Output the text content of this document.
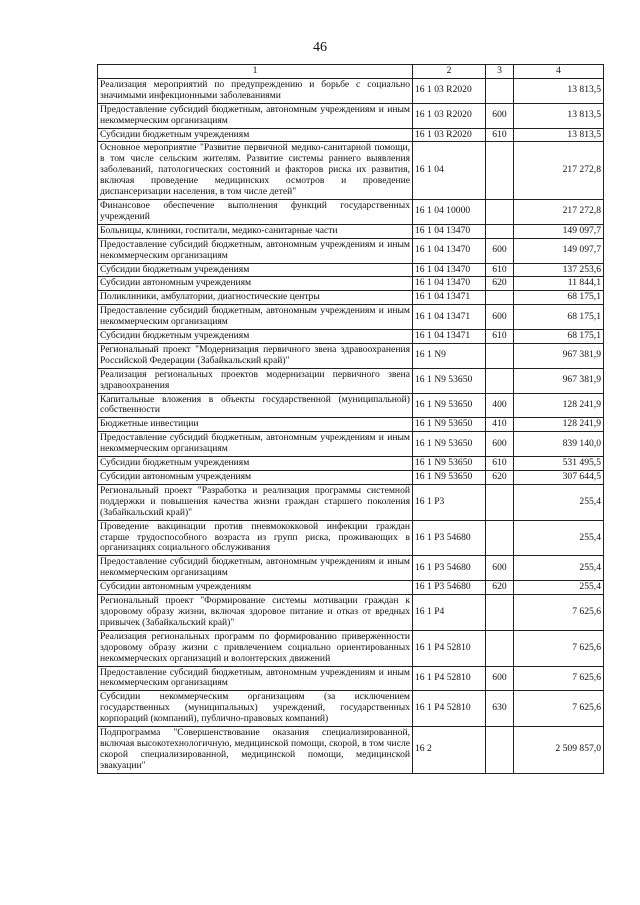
46
1	2	3	4
Реализация мероприятий по предупреждению и борьбе с социально значимыми инфекционными заболеваниями	16 1 03 R2020		13 813,5
Предоставление субсидий бюджетным, автономным учреждениям и иным некоммерческим организациям	16 1 03 R2020	600	13 813,5
Субсидии бюджетным учреждениям	16 1 03 R2020	610	13 813,5
Основное мероприятие "Развитие первичной медико-санитарной помощи, в том числе сельским жителям. Развитие системы раннего выявления заболеваний, патологических состояний и факторов риска их развития, включая проведение медицинских осмотров и проведение диспансеризации населения, в том числе детей"	16 1 04		217 272,8
Финансовое обеспечение выполнения функций государственных учреждений	16 1 04 10000		217 272,8
Больницы, клиники, госпитали, медико-санитарные части	16 1 04 13470		149 097,7
Предоставление субсидий бюджетным, автономным учреждениям и иным некоммерческим организациям	16 1 04 13470	600	149 097,7
Субсидии бюджетным учреждениям	16 1 04 13470	610	137 253,6
Субсидии автономным учреждениям	16 1 04 13470	620	11 844,1
Поликлиники, амбулатории, диагностические центры	16 1 04 13471		68 175,1
Предоставление субсидий бюджетным, автономным учреждениям и иным некоммерческим организациям	16 1 04 13471	600	68 175,1
Субсидии бюджетным учреждениям	16 1 04 13471	610	68 175,1
Региональный проект "Модернизация первичного звена здравоохранения Российской Федерации (Забайкальский край)"	16 1 N9		967 381,9
Реализация региональных проектов модернизации первичного звена здравоохранения	16 1 N9 53650		967 381,9
Капитальные вложения в объекты государственной (муниципальной) собственности	16 1 N9 53650	400	128 241,9
Бюджетные инвестиции	16 1 N9 53650	410	128 241,9
Предоставление субсидий бюджетным, автономным учреждениям и иным некоммерческим организациям	16 1 N9 53650	600	839 140,0
Субсидии бюджетным учреждениям	16 1 N9 53650	610	531 495,5
Субсидии автономным учреждениям	16 1 N9 53650	620	307 644,5
Региональный проект "Разработка и реализация программы системной поддержки и повышения качества жизни граждан старшего поколения (Забайкальский край)"	16 1 P3		255,4
Проведение вакцинации против пневмококковой инфекции граждан старше трудоспособного возраста из групп риска, проживающих в организациях социального обслуживания	16 1 P3 54680		255,4
Предоставление субсидий бюджетным, автономным учреждениям и иным некоммерческим организациям	16 1 P3 54680	600	255,4
Субсидии автономным учреждениям	16 1 P3 54680	620	255,4
Региональный проект "Формирование системы мотивации граждан к здоровому образу жизни, включая здоровое питание и отказ от вредных привычек (Забайкальский край)"	16 1 P4		7 625,6
Реализация региональных программ по формированию приверженности здоровому образу жизни с привлечением социально ориентированных некоммерческих организаций и волонтерских движений	16 1 P4 52810		7 625,6
Предоставление субсидий бюджетным, автономным учреждениям и иным некоммерческим организациям	16 1 P4 52810	600	7 625,6
Субсидии некоммерческим организациям (за исключением государственных (муниципальных) учреждений, государственных корпораций (компаний), публично-правовых компаний)	16 1 P4 52810	630	7 625,6
Подпрограмма "Совершенствование оказания специализированной, включая высокотехнологичную, медицинской помощи, скорой, в том числе скорой специализированной, медицинской помощи, медицинской эвакуации"	16 2		2 509 857,0
